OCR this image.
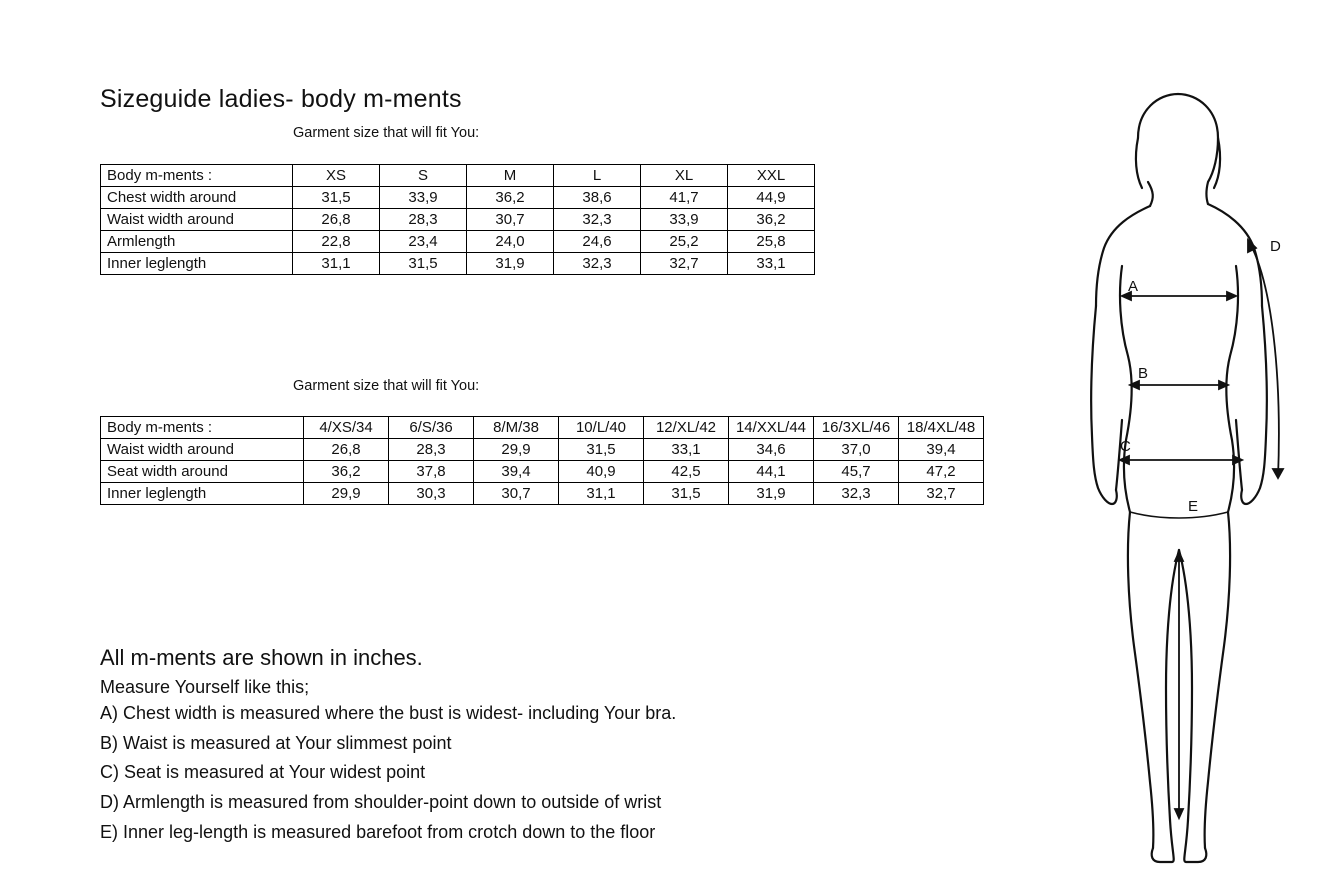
Sizeguide ladies- body m-ments
Garment size that will fit You:
Body m-ments :	XS	S	M	L	XL	XXL
Chest width around	31,5	33,9	36,2	38,6	41,7	44,9
Waist width around	26,8	28,3	30,7	32,3	33,9	36,2
Armlength	22,8	23,4	24,0	24,6	25,2	25,8
Inner leglength	31,1	31,5	31,9	32,3	32,7	33,1
Garment size that will fit You:
Body m-ments :	4/XS/34	6/S/36	8/M/38	10/L/40	12/XL/42	14/XXL/44	16/3XL/46	18/4XL/48
Waist width around	26,8	28,3	29,9	31,5	33,1	34,6	37,0	39,4
Seat width around	36,2	37,8	39,4	40,9	42,5	44,1	45,7	47,2
Inner leglength	29,9	30,3	30,7	31,1	31,5	31,9	32,3	32,7

All m-ments are shown in inches.

Measure Yourself like this;

A) Chest width is measured where the bust is widest- including Your bra.

B) Waist is measured at Your slimmest point

C) Seat is measured at Your widest point

D) Armlength is measured from shoulder-point down to outside of wrist

E) Inner leg-length is measured barefoot from crotch down to the floor

A
B
C
D
E
